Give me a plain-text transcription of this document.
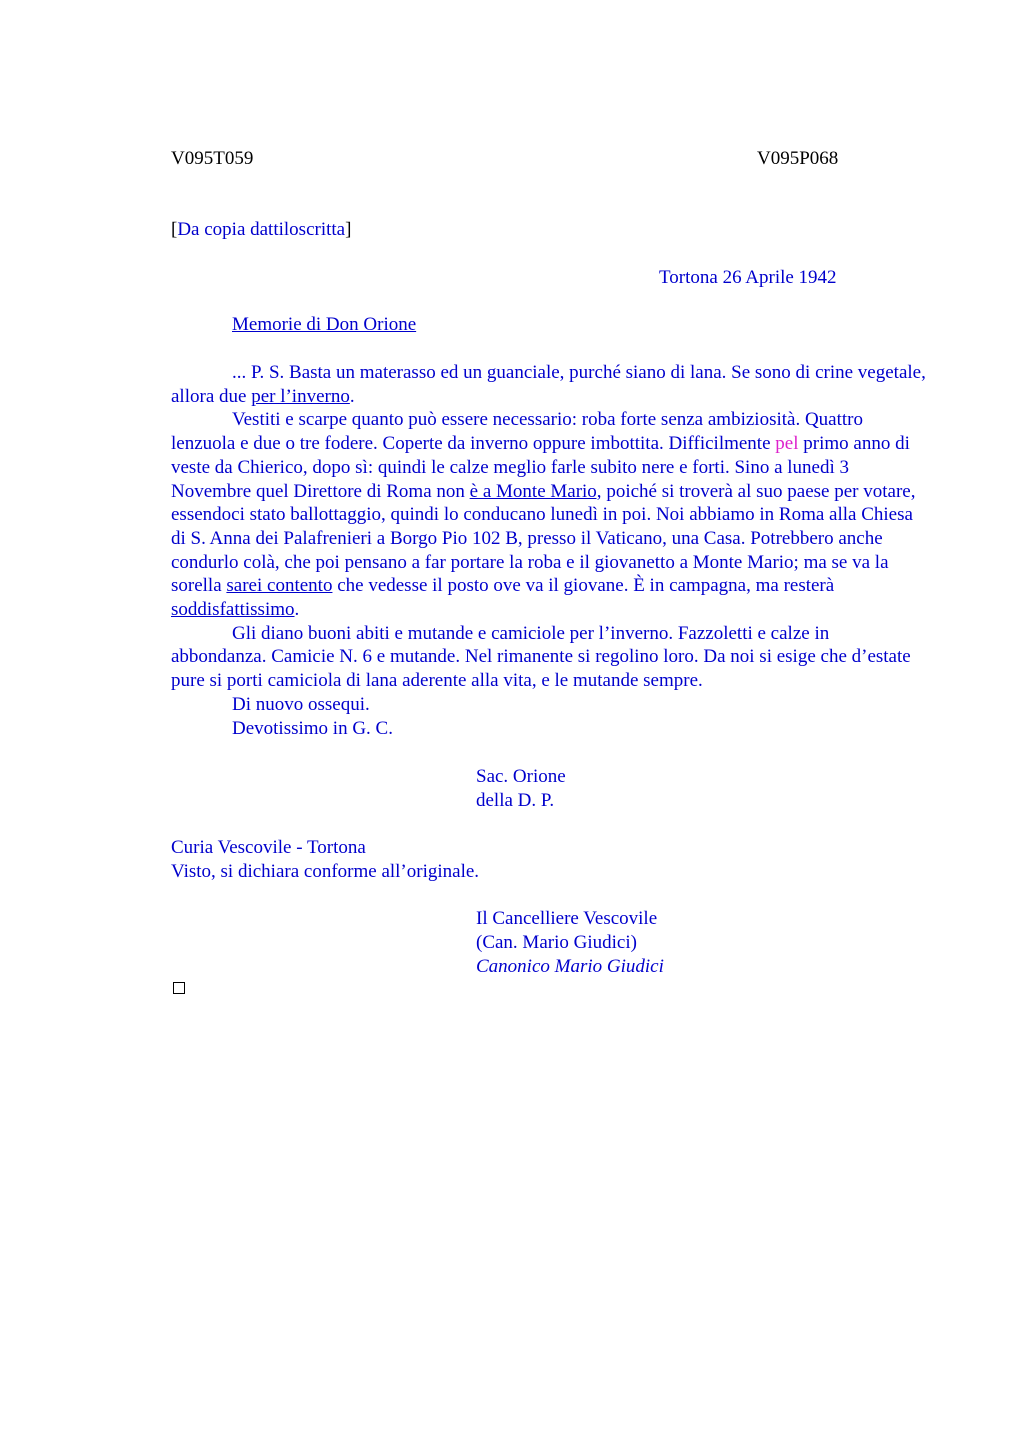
V095T059	V095P068
[Da copia dattiloscritta]
Tortona 26 Aprile 1942
Memorie di Don Orione

... P. S. Basta un materasso ed un guanciale, purché siano di lana. Se sono di crine vegetale, allora due per l’inverno.

Vestiti e scarpe quanto può essere necessario: roba forte senza ambiziosità. Quattro lenzuola e due o tre fodere. Coperte da inverno oppure imbottita. Difficilmente pel primo anno di veste da Chierico, dopo sì: quindi le calze meglio farle subito nere e forti. Sino a lunedì 3 Novembre quel Direttore di Roma non è a Monte Mario, poiché si troverà al suo paese per votare, essendoci stato ballottaggio, quindi lo conducano lunedì in poi. Noi abbiamo in Roma alla Chiesa di S. Anna dei Palafrenieri a Borgo Pio 102 B, presso il Vaticano, una Casa. Potrebbero anche condurlo colà, che poi pensano a far portare la roba e il giovanetto a Monte Mario; ma se va la sorella sarei contento che vedesse il posto ove va il giovane. È in campagna, ma resterà soddisfattissimo.

Gli diano buoni abiti e mutande e camiciole per l’inverno. Fazzoletti e calze in abbondanza. Camicie N. 6 e mutande. Nel rimanente si regolino loro. Da noi si esige che d’estate pure si porti camiciola di lana aderente alla vita, e le mutande sempre.

Di nuovo ossequi.
Devotissimo in G. C.
Sac. Orione
della D. P.
Curia Vescovile - Tortona
Visto, si dichiara conforme all’originale.
Il Cancelliere Vescovile
(Can. Mario Giudici)
Canonico Mario Giudici
